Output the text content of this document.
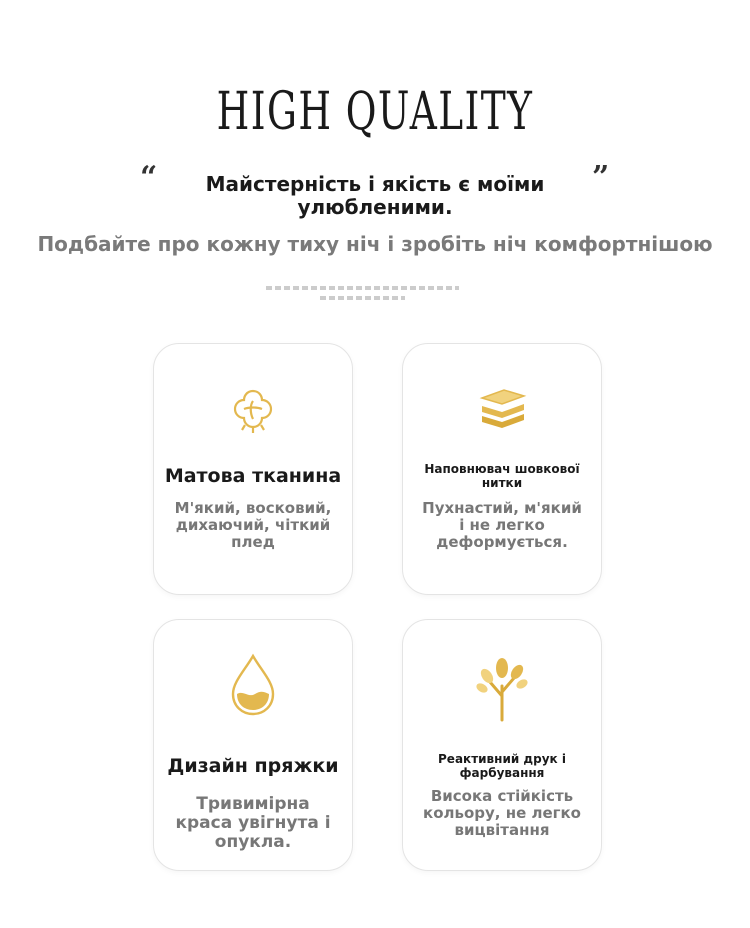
HIGH QUALITY
“	”
Майстерність і якість є моїми улюбленими.
Подбайте про кожну тиху ніч і зробіть ніч комфортнішою
Матова тканина
М'який, восковий, дихаючий, чіткий плед
Наповнювач шовкової нитки
Пухнастий, м'який і не легко деформується.
Дизайн пряжки
Тривимірна краса увігнута і опукла.
Реактивний друк і фарбування
Висока стійкість кольору, не легко вицвітання
